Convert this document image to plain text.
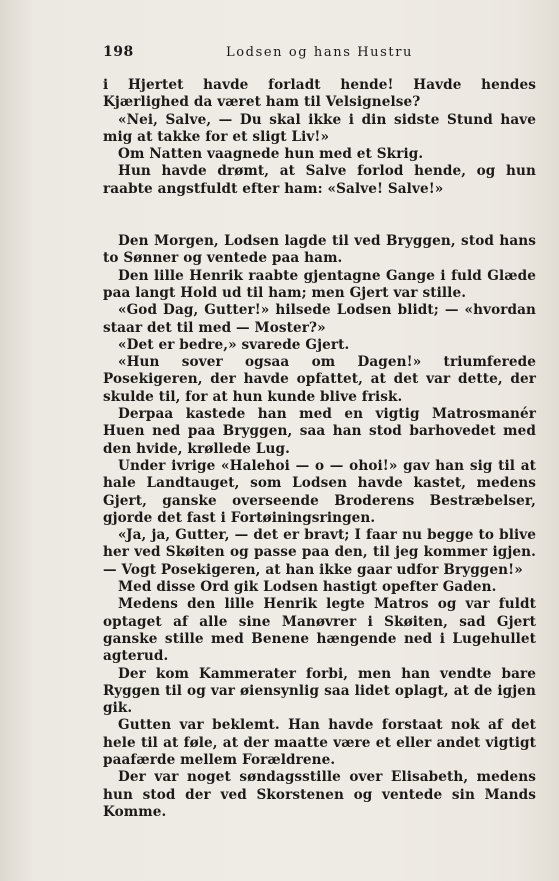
198	Lodsen og hans Hustru

i Hjertet havde forladt hende! Havde hendes Kjærlighed da været ham til Velsignelse?

«Nei, Salve, — Du skal ikke i din sidste Stund have mig at takke for et sligt Liv!»

Om Natten vaagnede hun med et Skrig.

Hun havde drømt, at Salve forlod hende, og hun raabte angstfuldt efter ham: «Salve! Salve!»

Den Morgen, Lodsen lagde til ved Bryggen, stod hans to Sønner og ventede paa ham.

Den lille Henrik raabte gjentagne Gange i fuld Glæde paa langt Hold ud til ham; men Gjert var stille.

«God Dag, Gutter!» hilsede Lodsen blidt; — «hvordan staar det til med — Moster?»

«Det er bedre,» svarede Gjert.

«Hun sover ogsaa om Dagen!» triumferede Posekigeren, der havde opfattet, at det var dette, der skulde til, for at hun kunde blive frisk.

Derpaa kastede han med en vigtig Matrosmanér Huen ned paa Bryggen, saa han stod barhovedet med den hvide, krøllede Lug.

Under ivrige «Halehoi — o — ohoi!» gav han sig til at hale Landtauget, som Lodsen havde kastet, medens Gjert, ganske overseende Broderens Bestræbelser, gjorde det fast i Fortøiningsringen.

«Ja, ja, Gutter, — det er bravt; I faar nu begge to blive her ved Skøiten og passe paa den, til jeg kommer igjen. — Vogt Posekigeren, at han ikke gaar udfor Bryggen!»

Med disse Ord gik Lodsen hastigt opefter Gaden.

Medens den lille Henrik legte Matros og var fuldt optaget af alle sine Manøvrer i Skøiten, sad Gjert ganske stille med Benene hængende ned i Lugehullet agterud.

Der kom Kammerater forbi, men han vendte bare Ryggen til og var øiensynlig saa lidet oplagt, at de igjen gik.

Gutten var beklemt. Han havde forstaat nok af det hele til at føle, at der maatte være et eller andet vigtigt paafærde mellem Forældrene.

Der var noget søndagsstille over Elisabeth, medens hun stod der ved Skorstenen og ventede sin Mands Komme.
